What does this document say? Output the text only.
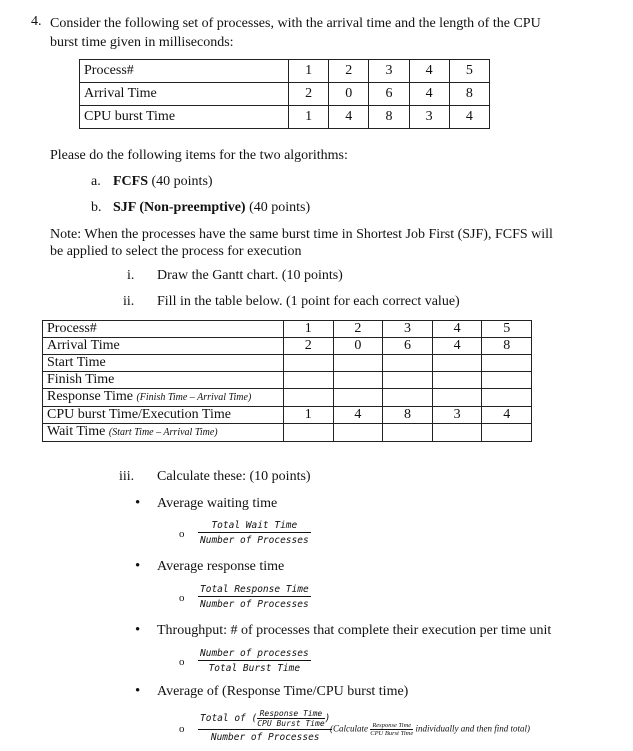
4. Consider the following set of processes, with the arrival time and the length of the CPU
burst time given in milliseconds:
Process#	1	2	3	4	5
Arrival Time	2	0	6	4	8
CPU burst Time	1	4	8	3	4
Please do the following items for the two algorithms:
a. FCFS (40 points)
b. SJF (Non-preemptive) (40 points)
Note: When the processes have the same burst time in Shortest Job First (SJF), FCFS will
be applied to select the process for execution
i. Draw the Gantt chart. (10 points)
ii. Fill in the table below. (1 point for each correct value)
Process#	1	2	3	4	5
Arrival Time	2	0	6	4	8
Start Time					
Finish Time					
Response Time (Finish Time – Arrival Time)					
CPU burst Time/Execution Time	1	4	8	3	4
Wait Time (Start Time – Arrival Time)					
iii. Calculate these: (10 points)
• Average waiting time
o
Total Wait Time
Number of Processes
• Average response time
o
Total Response Time
Number of Processes
• Throughput: # of processes that complete their execution per time unit
o
Number of processes
Total Burst Time
• Average of (Response Time/CPU burst time)
o
Total of ( $\frac{\text{Response Time}}{\text{CPU Burst Time}}$ )
Number of Processes
(Calculate $\frac{\text{Response Time}}{\text{CPU Burst Time}}$ individually and then find total)
